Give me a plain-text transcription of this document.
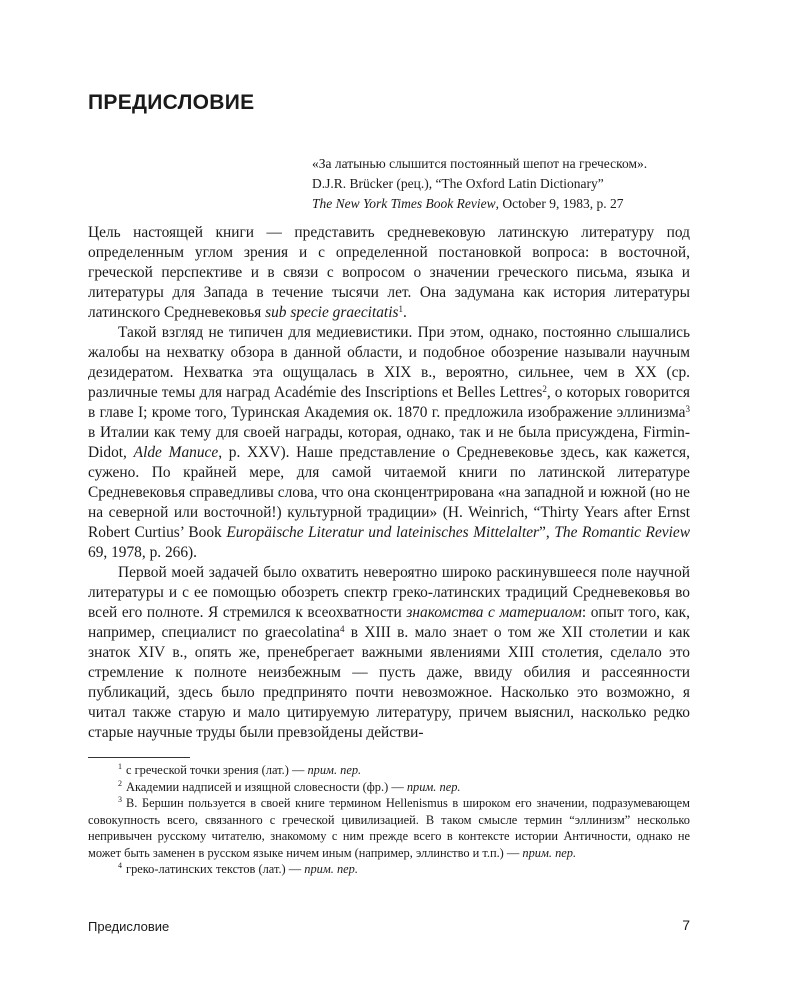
ПРЕДИСЛОВИЕ
«За латынью слышится постоянный шепот на греческом».
D.J.R. Brücker (рец.), “The Oxford Latin Dictionary”
The New York Times Book Review, October 9, 1983, p. 27

Цель настоящей книги — представить средневековую латинскую литературу под определенным углом зрения и с определенной постановкой вопроса: в восточной, греческой перспективе и в связи с вопросом о значении греческого письма, языка и литературы для Запада в течение тысячи лет. Она задумана как история литературы латинского Средневековья sub specie graecitatis$^1$.

Такой взгляд не типичен для медиевистики. При этом, однако, постоянно слышались жалобы на нехватку обзора в данной области, и подобное обозрение называли научным дезидератом. Нехватка эта ощущалась в XIX в., вероятно, сильнее, чем в XX (ср. различные темы для наград Académie des Inscriptions et Belles Lettres$^2$, о которых говорится в главе I; кроме того, Туринская Академия ок. 1870 г. предложила изображение эллинизма$^3$ в Италии как тему для своей награды, которая, однако, так и не была присуждена, Firmin-Didot, Alde Manuce, p. XXV). Наше представление о Средневековье здесь, как кажется, сужено. По крайней мере, для самой читаемой книги по латинской литературе Средневековья справедливы слова, что она сконцентрирована «на западной и южной (но не на северной или восточной!) культурной традиции» (H. Weinrich, “Thirty Years after Ernst Robert Curtius’ Book Europäische Literatur und lateinisches Mittelalter”, The Romantic Review 69, 1978, p. 266).

Первой моей задачей было охватить невероятно широко раскинувшееся поле научной литературы и с ее помощью обозреть спектр греко-латинских традиций Средневековья во всей его полноте. Я стремился к всеохватности знакомства с материалом: опыт того, как, например, специалист по graecolatina$^4$ в XIII в. мало знает о том же XII столетии и как знаток XIV в., опять же, пренебрегает важными явлениями XIII столетия, сделало это стремление к полноте неизбежным — пусть даже, ввиду обилия и рассеянности публикаций, здесь было предпринято почти невозможное. Насколько это возможно, я читал также старую и мало цитируемую литературу, причем выяснил, насколько редко старые научные труды были превзойдены действи-

$^1$ с греческой точки зрения (лат.) — прим. пер.

$^2$ Академии надписей и изящной словесности (фр.) — прим. пер.

$^3$ В. Бершин пользуется в своей книге термином Hellenismus в широком его значении, подразумевающем совокупность всего, связанного с греческой цивилизацией. В таком смысле термин “эллинизм” несколько непривычен русскому читателю, знакомому с ним прежде всего в контексте истории Античности, однако не может быть заменен в русском языке ничем иным (например, эллинство и т.п.) — прим. пер.

$^4$ греко-латинских текстов (лат.) — прим. пер.

Предисловие	7
